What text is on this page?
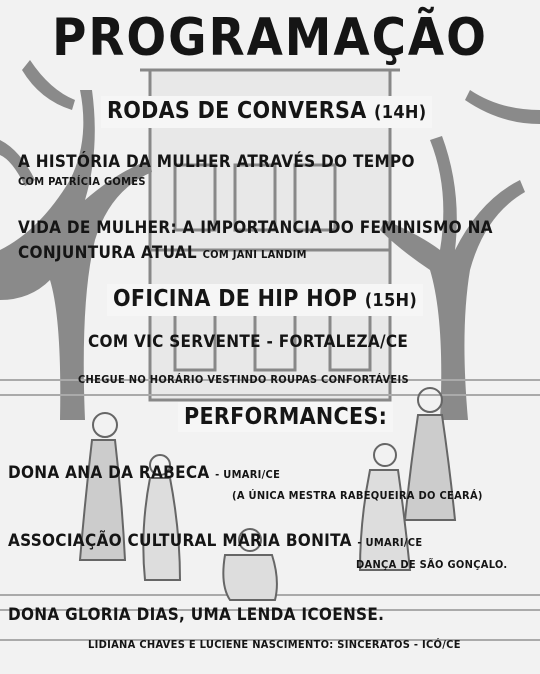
PROGRAMAÇÃO
RODAS DE CONVERSA (14H)
A HISTÓRIA DA MULHER ATRAVÉS DO TEMPO
COM PATRÍCIA GOMES
VIDA DE MULHER: A IMPORTANCIA DO FEMINISMO NA
CONJUNTURA ATUAL COM JANI LANDIM
OFICINA DE HIP HOP (15H)
COM VIC SERVENTE - FORTALEZA/CE
CHEGUE NO HORÁRIO VESTINDO ROUPAS CONFORTÁVEIS
PERFORMANCES:
DONA ANA DA RABECA - UMARI/CE
(A ÚNICA MESTRA RABEQUEIRA DO CEARÁ)
ASSOCIAÇÃO CULTURAL MARIA BONITA - UMARI/CE
DANÇA DE SÃO GONÇALO.
DONA GLORIA DIAS, UMA LENDA ICOENSE.
LIDIANA CHAVES E LUCIENE NASCIMENTO: SINCERATOS - ICÓ/CE
